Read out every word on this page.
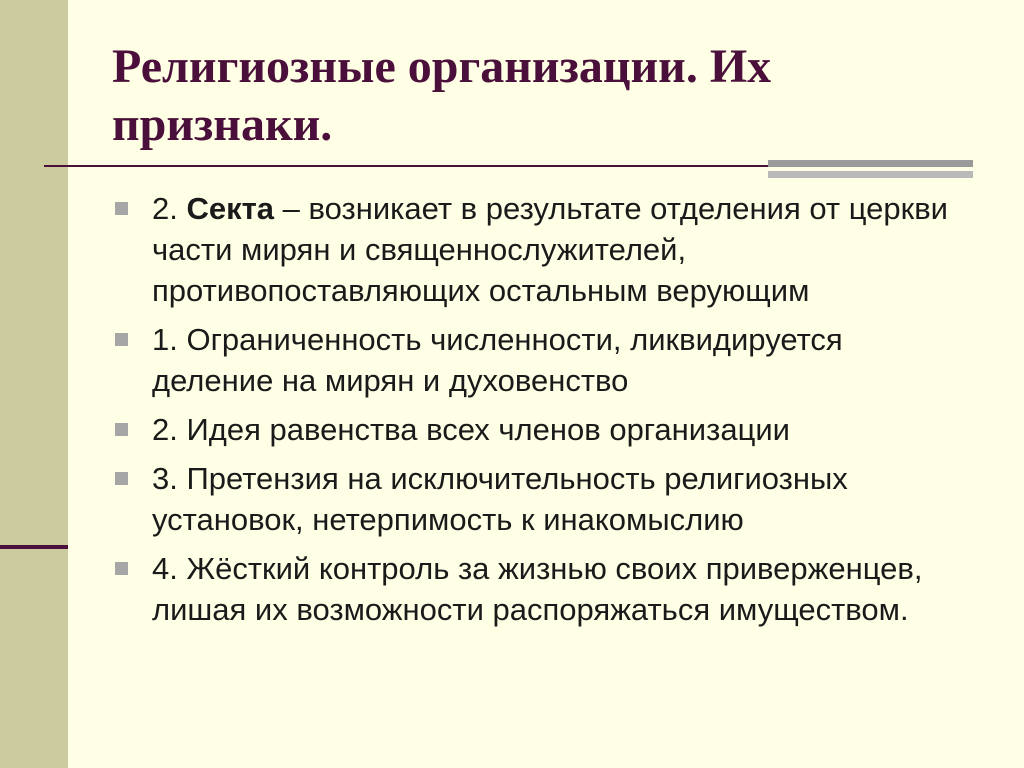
Религиозные организации. Их признаки.
2. Секта – возникает в результате отделения от церкви части мирян и священнослужителей, противопоставляющих остальным верующим
1. Ограниченность численности, ликвидируется деление на мирян и духовенство
2. Идея равенства всех членов организации
3. Претензия на исключительность религиозных установок, нетерпимость к инакомыслию
4. Жёсткий контроль за жизнью своих приверженцев, лишая их возможности распоряжаться имуществом.
